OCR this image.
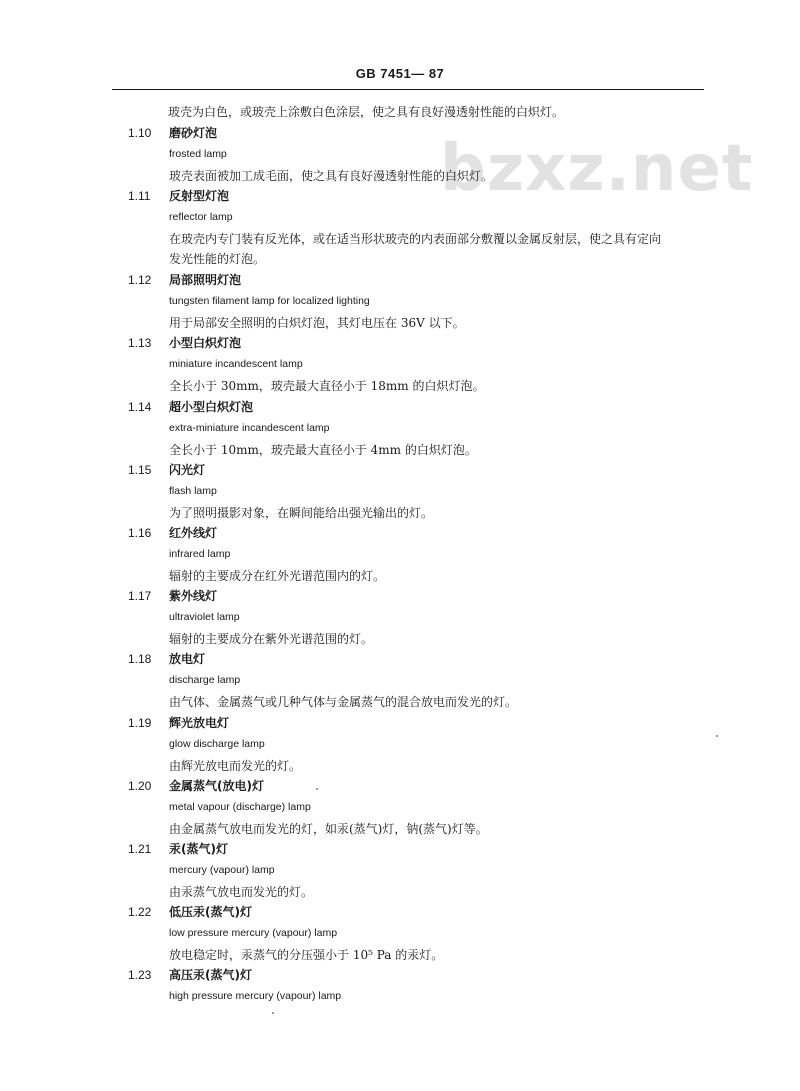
GB 7451— 87
bzxz.net
玻壳为白色，或玻壳上涂敷白色涂层，使之具有良好漫透射性能的白炽灯。
1.10 磨砂灯泡
frosted lamp
玻壳表面被加工成毛面，使之具有良好漫透射性能的白炽灯。
1.11 反射型灯泡
reflector lamp
在玻壳内专门装有反光体，或在适当形状玻壳的内表面部分敷覆以金属反射层，使之具有定向
发光性能的灯泡。
1.12 局部照明灯泡
tungsten filament lamp for localized lighting
用于局部安全照明的白炽灯泡，其灯电压在 36V 以下。
1.13 小型白炽灯泡
miniature incandescent lamp
全长小于 30mm，玻壳最大直径小于 18mm 的白炽灯泡。
1.14 超小型白炽灯泡
extra-miniature incandescent lamp
全长小于 10mm，玻壳最大直径小于 4mm 的白炽灯泡。
1.15 闪光灯
flash lamp
为了照明摄影对象，在瞬间能给出强光输出的灯。
1.16 红外线灯
infrared lamp
辐射的主要成分在红外光谱范围内的灯。
1.17 紫外线灯
ultraviolet lamp
辐射的主要成分在紫外光谱范围的灯。
1.18 放电灯
discharge lamp
由气体、金属蒸气或几种气体与金属蒸气的混合放电而发光的灯。
1.19 辉光放电灯
glow discharge lamp
由辉光放电而发光的灯。
1.20 金属蒸气(放电)灯
metal vapour (discharge) lamp
由金属蒸气放电而发光的灯，如汞(蒸气)灯，钠(蒸气)灯等。
1.21 汞(蒸气)灯
mercury (vapour) lamp
由汞蒸气放电而发光的灯。
1.22 低压汞(蒸气)灯
low pressure mercury (vapour) lamp
放电稳定时，汞蒸气的分压强小于 10⁵ Pa 的汞灯。
1.23 高压汞(蒸气)灯
high pressure mercury (vapour) lamp
